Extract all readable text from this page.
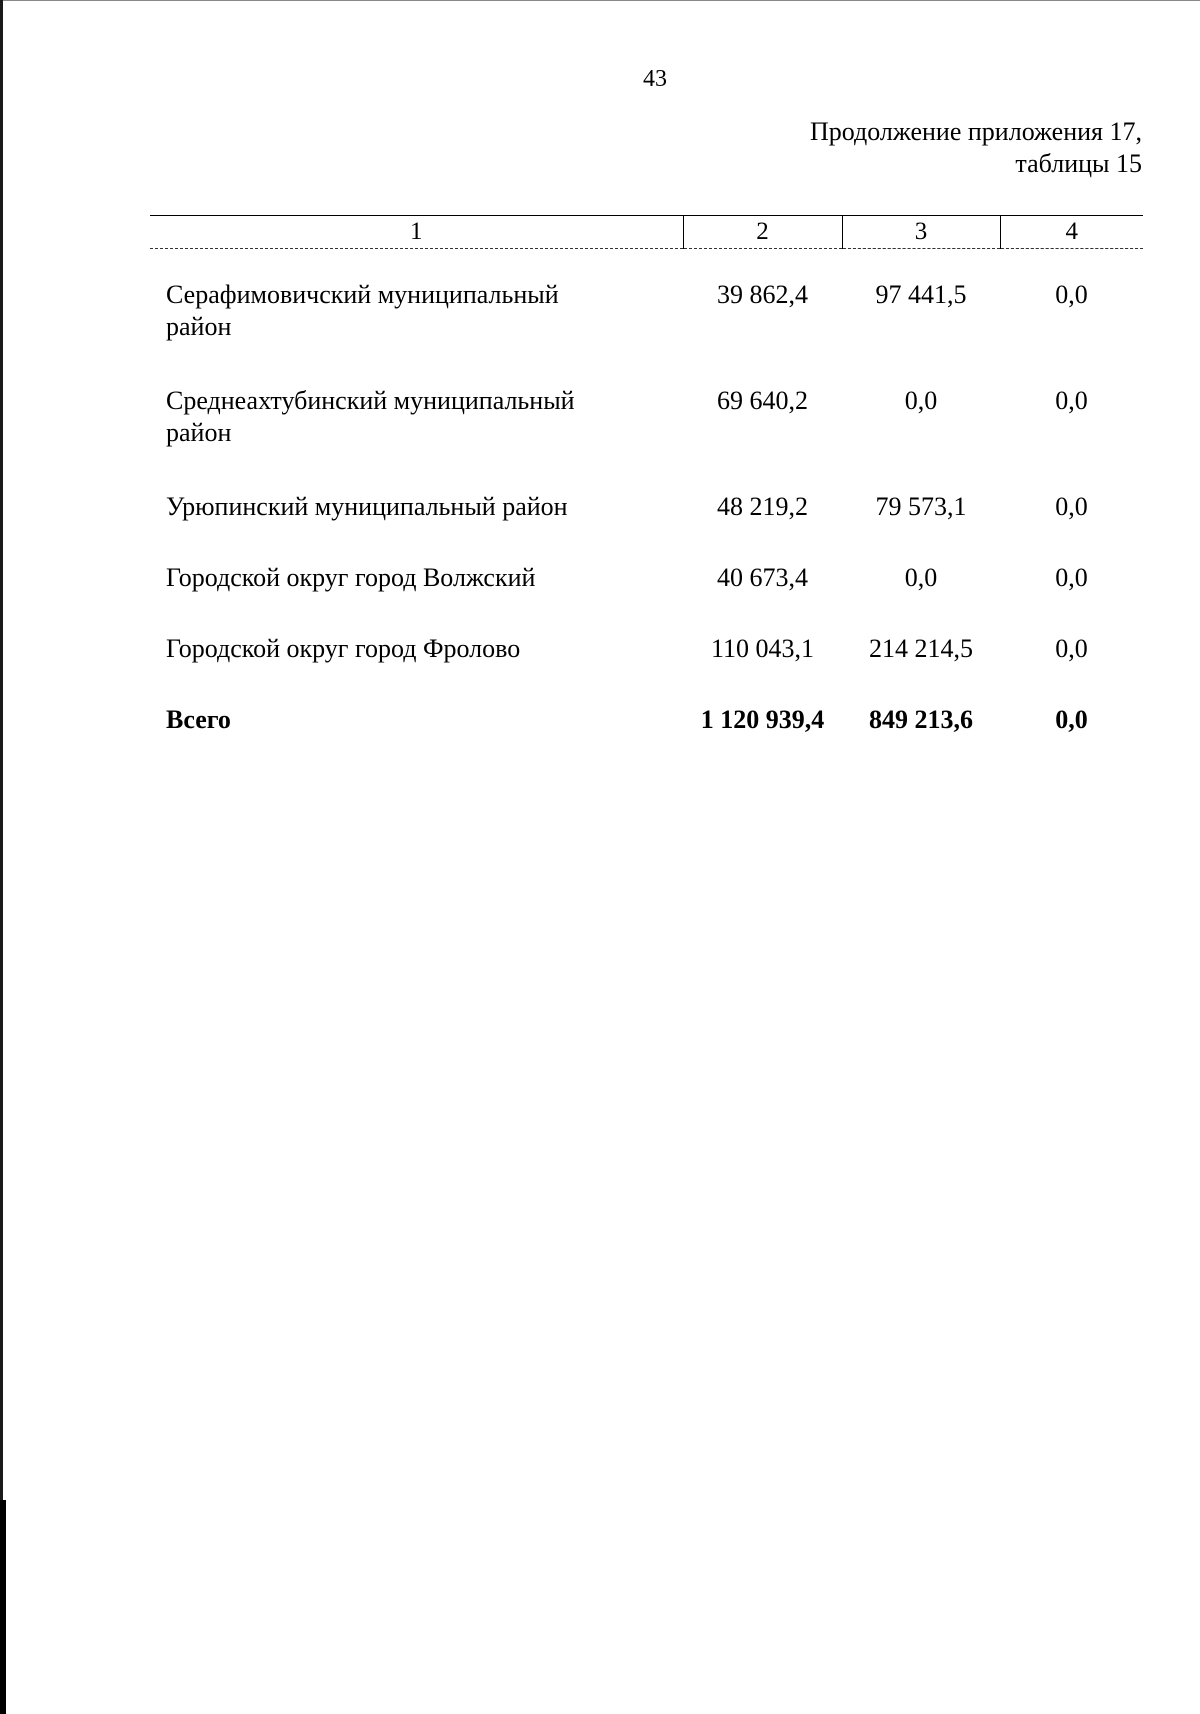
43
Продолжение приложения 17,
таблицы 15
1	2	3	4

Серафимовичский муниципальный
район	39 862,4	97 441,5	0,0

Среднеахтубинский муниципальный
район	69 640,2	0,0	0,0

Урюпинский муниципальный район	48 219,2	79 573,1	0,0
Городской округ город Волжский	40 673,4	0,0	0,0
Городской округ город Фролово	110 043,1	214 214,5	0,0
Всего	1 120 939,4	849 213,6	0,0
